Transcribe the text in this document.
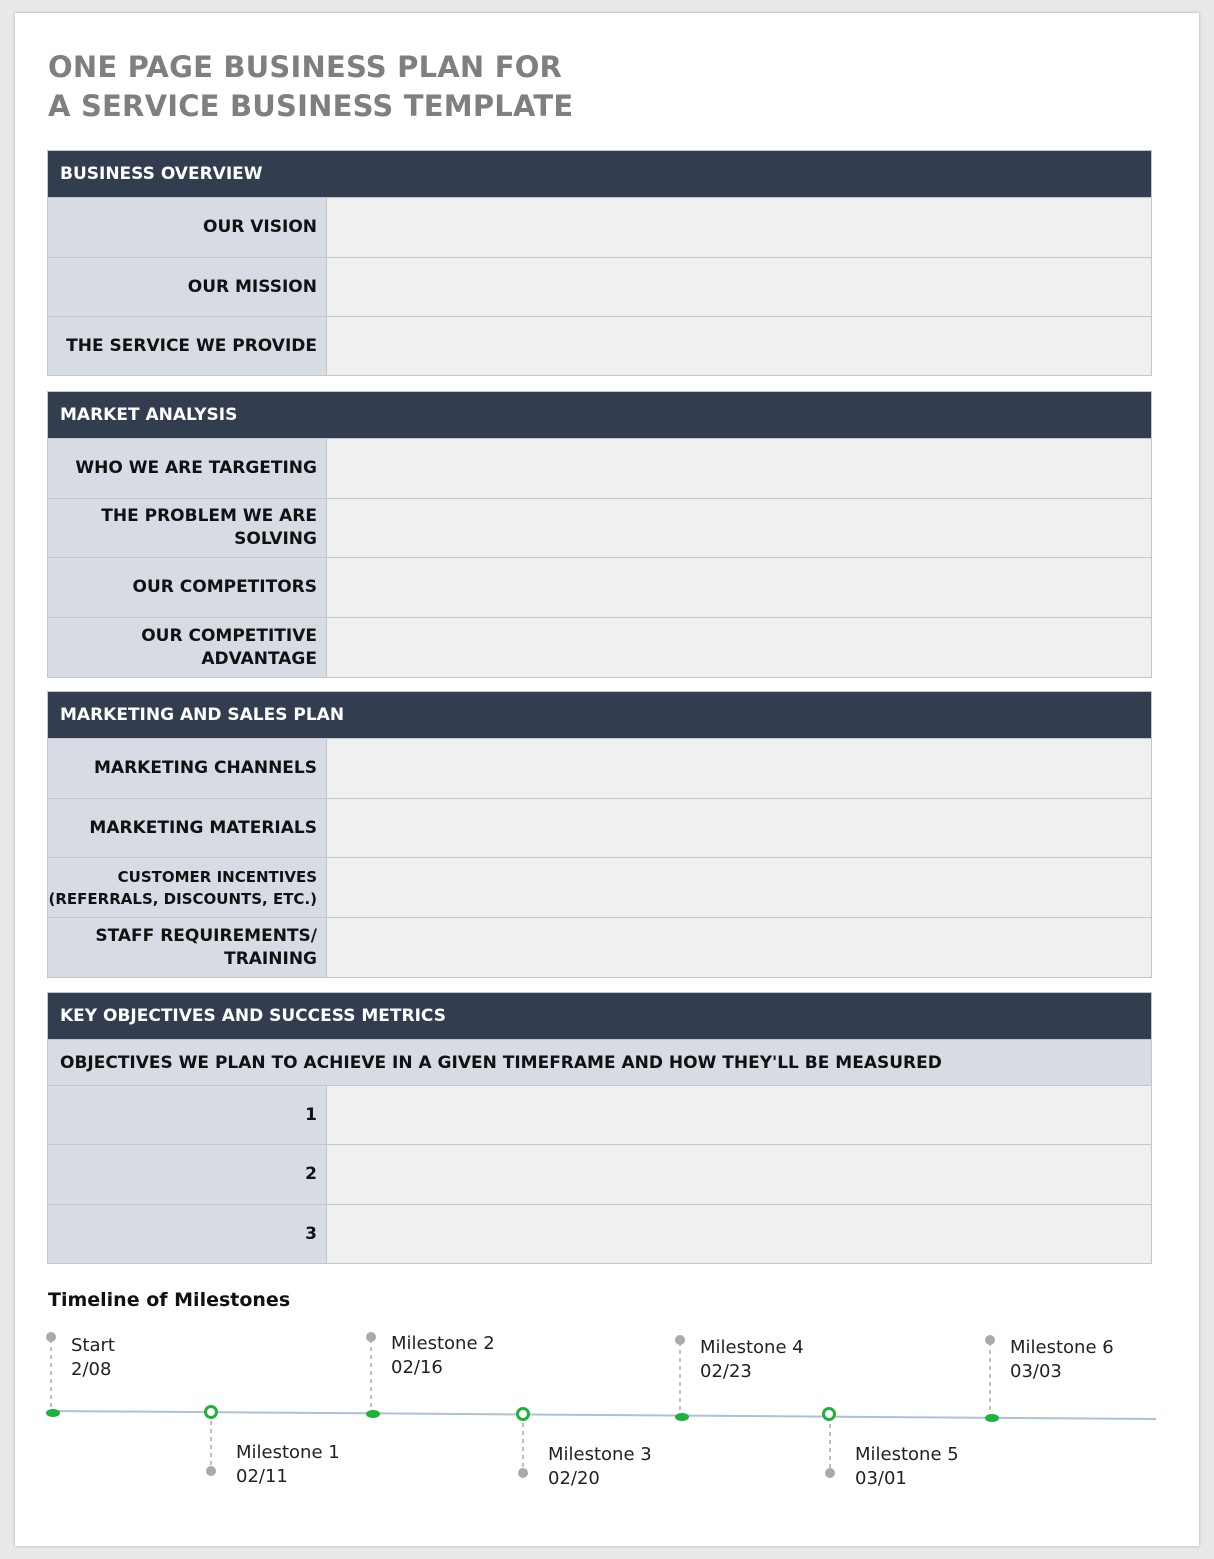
ONE PAGE BUSINESS PLAN FOR
A SERVICE BUSINESS TEMPLATE
BUSINESS OVERVIEW
OUR VISION
OUR MISSION
THE SERVICE WE PROVIDE
MARKET ANALYSIS
WHO WE ARE TARGETING
THE PROBLEM WE ARE
SOLVING
OUR COMPETITORS
OUR COMPETITIVE
ADVANTAGE
MARKETING AND SALES PLAN
MARKETING CHANNELS
MARKETING MATERIALS
CUSTOMER INCENTIVES
(REFERRALS, DISCOUNTS, ETC.)
STAFF REQUIREMENTS/
TRAINING
KEY OBJECTIVES AND SUCCESS METRICS
OBJECTIVES WE PLAN TO ACHIEVE IN A GIVEN TIMEFRAME AND HOW THEY'LL BE MEASURED
1
2
3
Timeline of Milestones
Start
2/08
Milestone 1
02/11
Milestone 2
02/16
Milestone 3
02/20
Milestone 4
02/23
Milestone 5
03/01
Milestone 6
03/03
